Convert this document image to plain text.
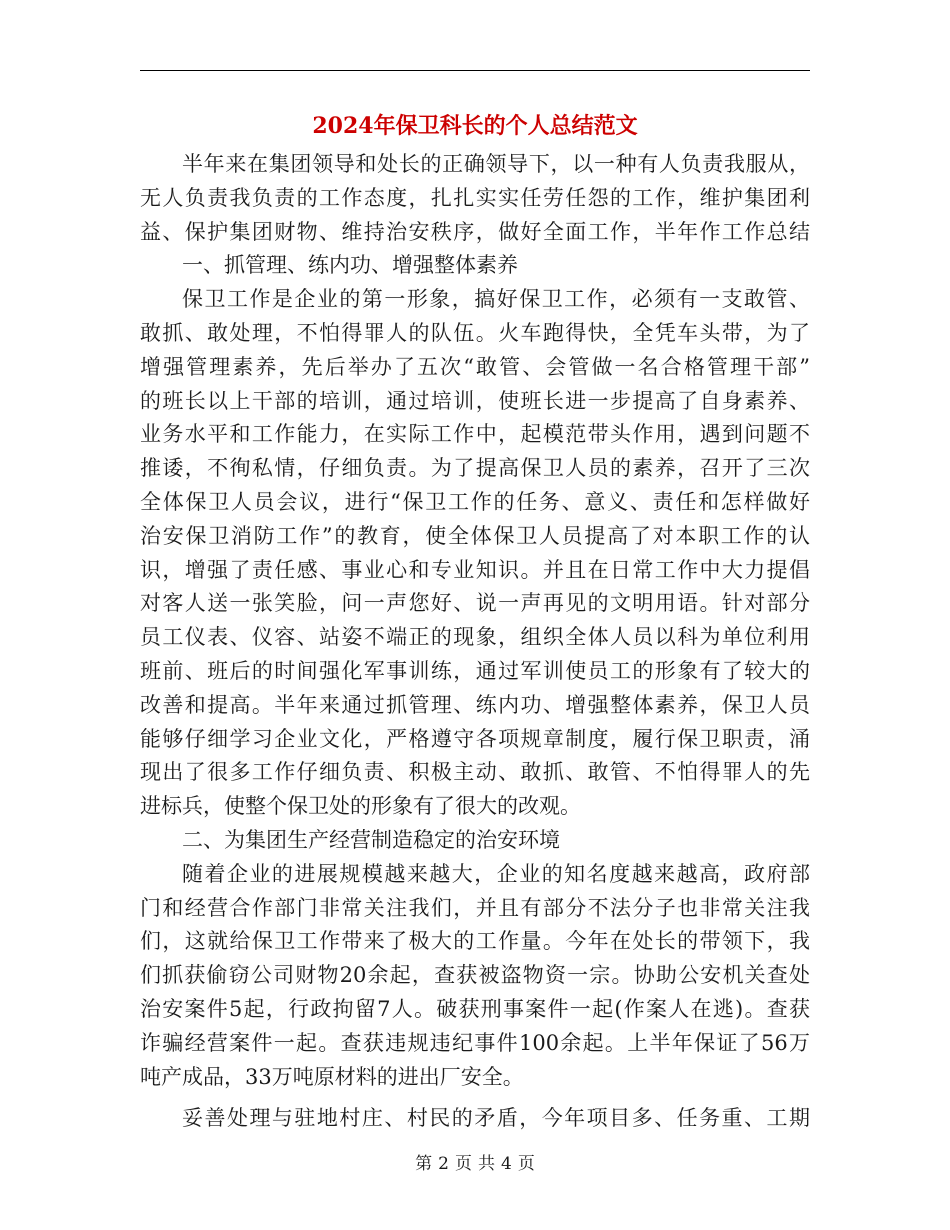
2024年保卫科长的个人总结范文

半年来在集团领导和处长的正确领导下，以一种有人负责我服从，
无人负责我负责的工作态度，扎扎实实任劳任怨的工作，维护集团利
益、保护集团财物、维持治安秩序，做好全面工作，半年作工作总结

一、抓管理、练内功、增强整体素养

保卫工作是企业的第一形象，搞好保卫工作，必须有一支敢管、
敢抓、敢处理，不怕得罪人的队伍。火车跑得快，全凭车头带，为了
增强管理素养，先后举办了五次“敢管、会管做一名合格管理干部”
的班长以上干部的培训，通过培训，使班长进一步提高了自身素养、
业务水平和工作能力，在实际工作中，起模范带头作用，遇到问题不
推诿，不徇私情，仔细负责。为了提高保卫人员的素养，召开了三次
全体保卫人员会议，进行“保卫工作的任务、意义、责任和怎样做好
治安保卫消防工作”的教育，使全体保卫人员提高了对本职工作的认
识，增强了责任感、事业心和专业知识。并且在日常工作中大力提倡
对客人送一张笑脸，问一声您好、说一声再见的文明用语。针对部分
员工仪表、仪容、站姿不端正的现象，组织全体人员以科为单位利用
班前、班后的时间强化军事训练，通过军训使员工的形象有了较大的
改善和提高。半年来通过抓管理、练内功、增强整体素养，保卫人员
能够仔细学习企业文化，严格遵守各项规章制度，履行保卫职责，涌
现出了很多工作仔细负责、积极主动、敢抓、敢管、不怕得罪人的先
进标兵，使整个保卫处的形象有了很大的改观。

二、为集团生产经营制造稳定的治安环境

随着企业的进展规模越来越大，企业的知名度越来越高，政府部
门和经营合作部门非常关注我们，并且有部分不法分子也非常关注我
们，这就给保卫工作带来了极大的工作量。今年在处长的带领下，我
们抓获偷窃公司财物20余起，查获被盗物资一宗。协助公安机关查处
治安案件5起，行政拘留7人。破获刑事案件一起(作案人在逃)。查获
诈骗经营案件一起。查获违规违纪事件100余起。上半年保证了56万
吨产成品，33万吨原材料的进出厂安全。

妥善处理与驻地村庄、村民的矛盾，今年项目多、任务重、工期

第 2 页 共 4 页
